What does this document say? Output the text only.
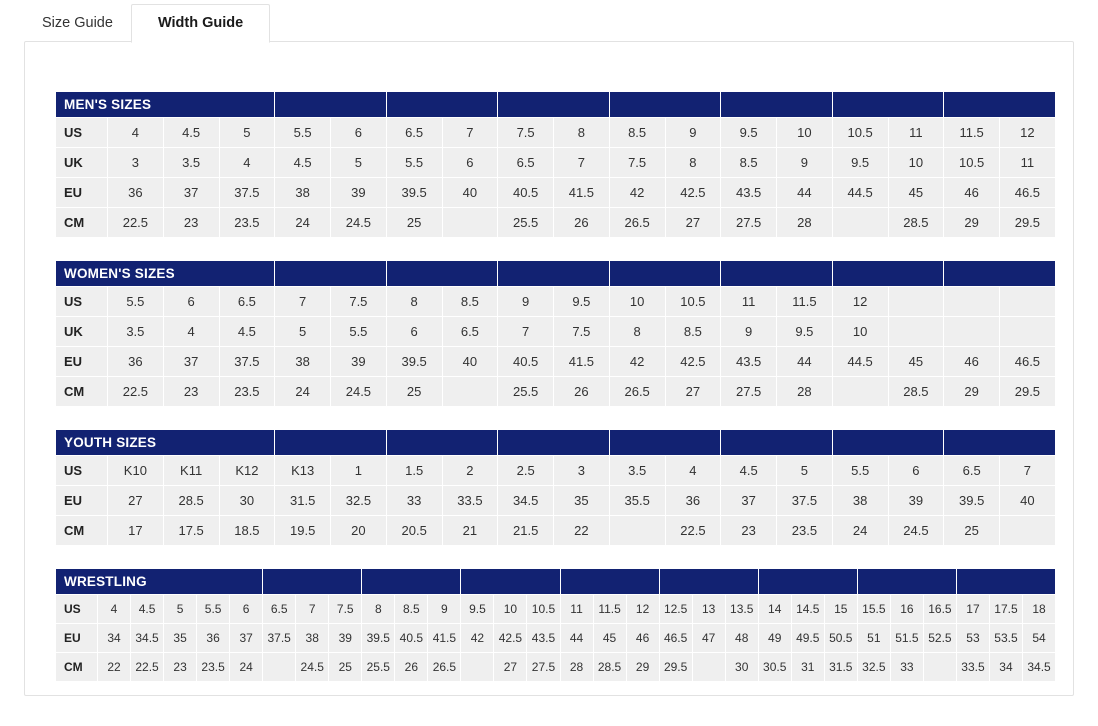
Size Guide	Width Guide
MEN'S SIZES																	
US	4	4.5	5	5.5	6	6.5	7	7.5	8	8.5	9	9.5	10	10.5	11	11.5	12
UK	3	3.5	4	4.5	5	5.5	6	6.5	7	7.5	8	8.5	9	9.5	10	10.5	11
EU	36	37	37.5	38	39	39.5	40	40.5	41.5	42	42.5	43.5	44	44.5	45	46	46.5
CM	22.5	23	23.5	24	24.5	25		25.5	26	26.5	27	27.5	28		28.5	29	29.5
WOMEN'S SIZES																	
US	5.5	6	6.5	7	7.5	8	8.5	9	9.5	10	10.5	11	11.5	12			
UK	3.5	4	4.5	5	5.5	6	6.5	7	7.5	8	8.5	9	9.5	10			
EU	36	37	37.5	38	39	39.5	40	40.5	41.5	42	42.5	43.5	44	44.5	45	46	46.5
CM	22.5	23	23.5	24	24.5	25		25.5	26	26.5	27	27.5	28		28.5	29	29.5
YOUTH SIZES																	
US	K10	K11	K12	K13	1	1.5	2	2.5	3	3.5	4	4.5	5	5.5	6	6.5	7
EU	27	28.5	30	31.5	32.5	33	33.5	34.5	35	35.5	36	37	37.5	38	39	39.5	40
CM	17	17.5	18.5	19.5	20	20.5	21	21.5	22		22.5	23	23.5	24	24.5	25	
WRESTLING																													
US	4	4.5	5	5.5	6	6.5	7	7.5	8	8.5	9	9.5	10	10.5	11	11.5	12	12.5	13	13.5	14	14.5	15	15.5	16	16.5	17	17.5	18
EU	34	34.5	35	36	37	37.5	38	39	39.5	40.5	41.5	42	42.5	43.5	44	45	46	46.5	47	48	49	49.5	50.5	51	51.5	52.5	53	53.5	54
CM	22	22.5	23	23.5	24		24.5	25	25.5	26	26.5		27	27.5	28	28.5	29	29.5		30	30.5	31	31.5	32.5	33		33.5	34	34.5
